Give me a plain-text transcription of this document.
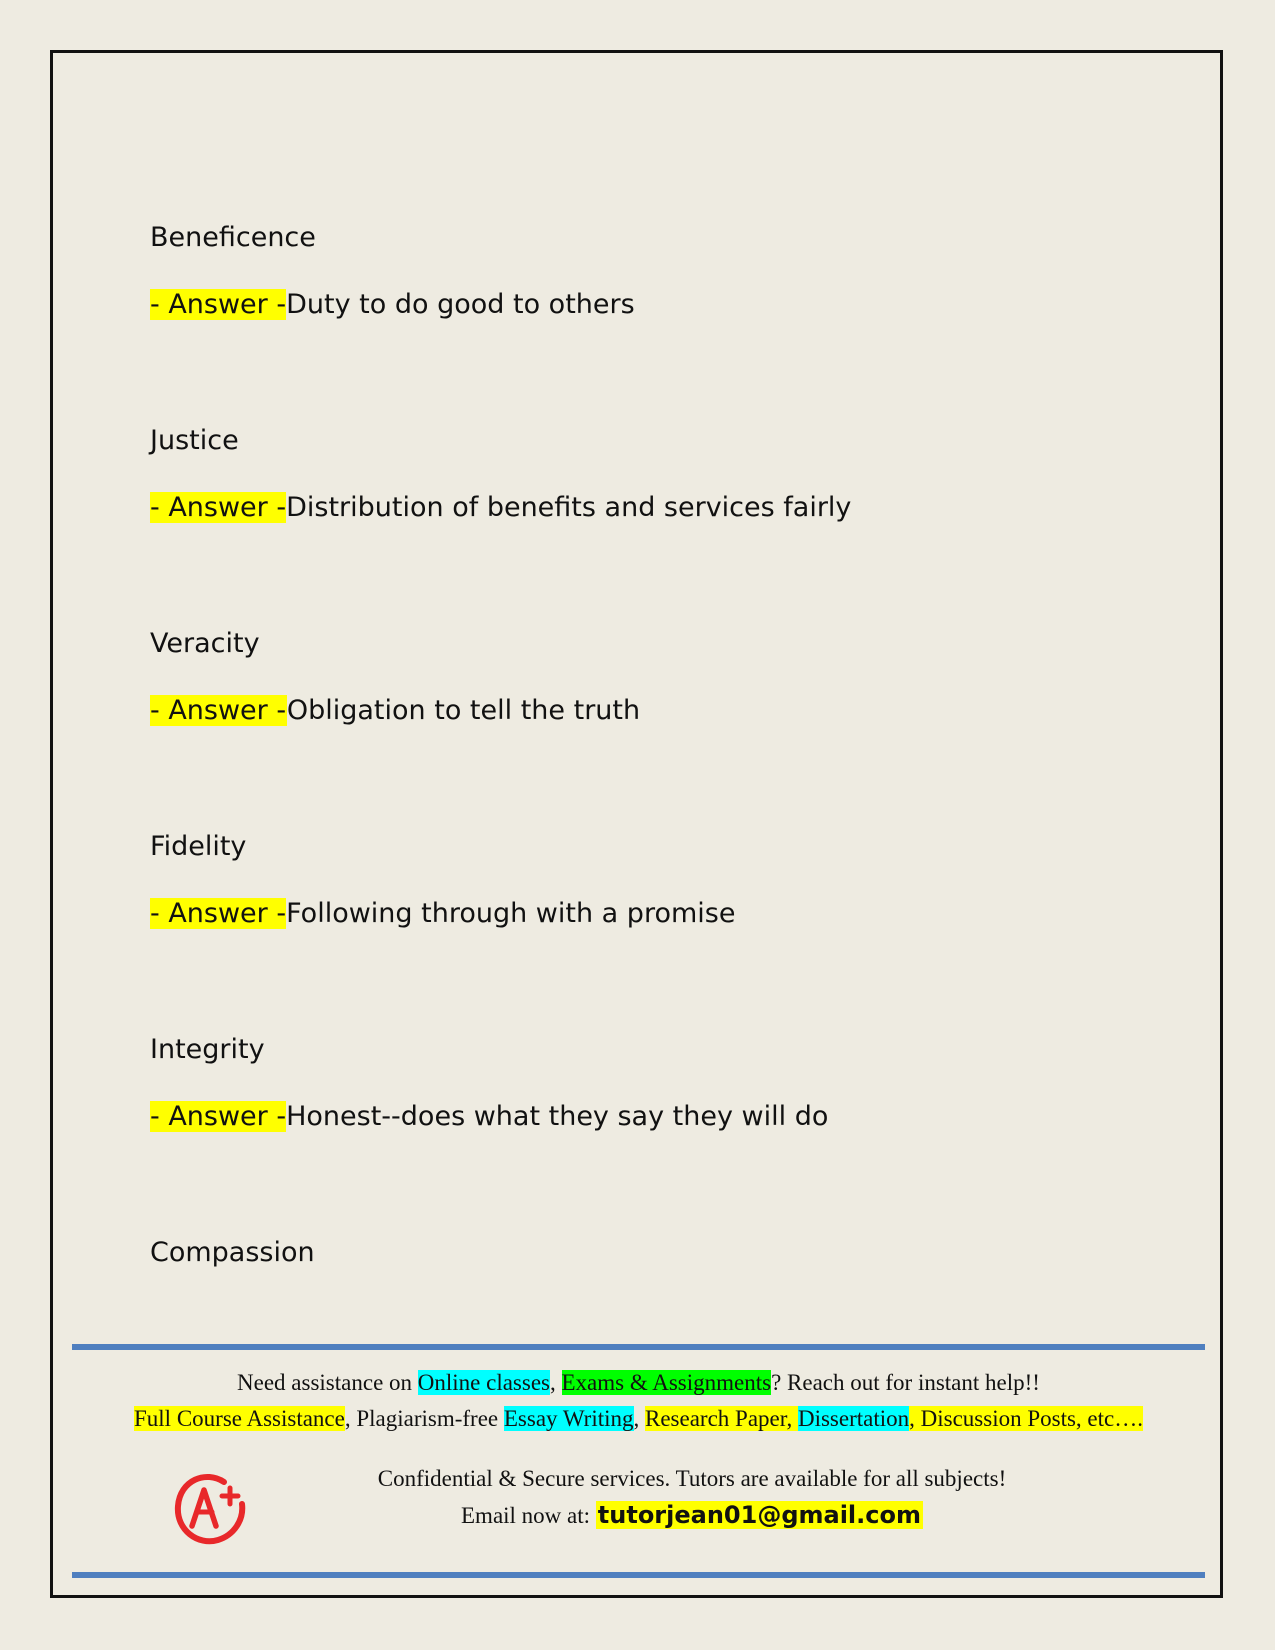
Beneficence

- Answer -Duty to do good to others

Justice

- Answer -Distribution of benefits and services fairly

Veracity

- Answer -Obligation to tell the truth

Fidelity

- Answer -Following through with a promise

Integrity

- Answer -Honest--does what they say they will do

Compassion

Need assistance on Online classes, Exams & Assignments? Reach out for instant help!!
Full Course Assistance, Plagiarism-free Essay Writing, Research Paper, Dissertation, Discussion Posts, etc….
Confidential & Secure services. Tutors are available for all subjects!
Email now at: tutorjean01@gmail.com
